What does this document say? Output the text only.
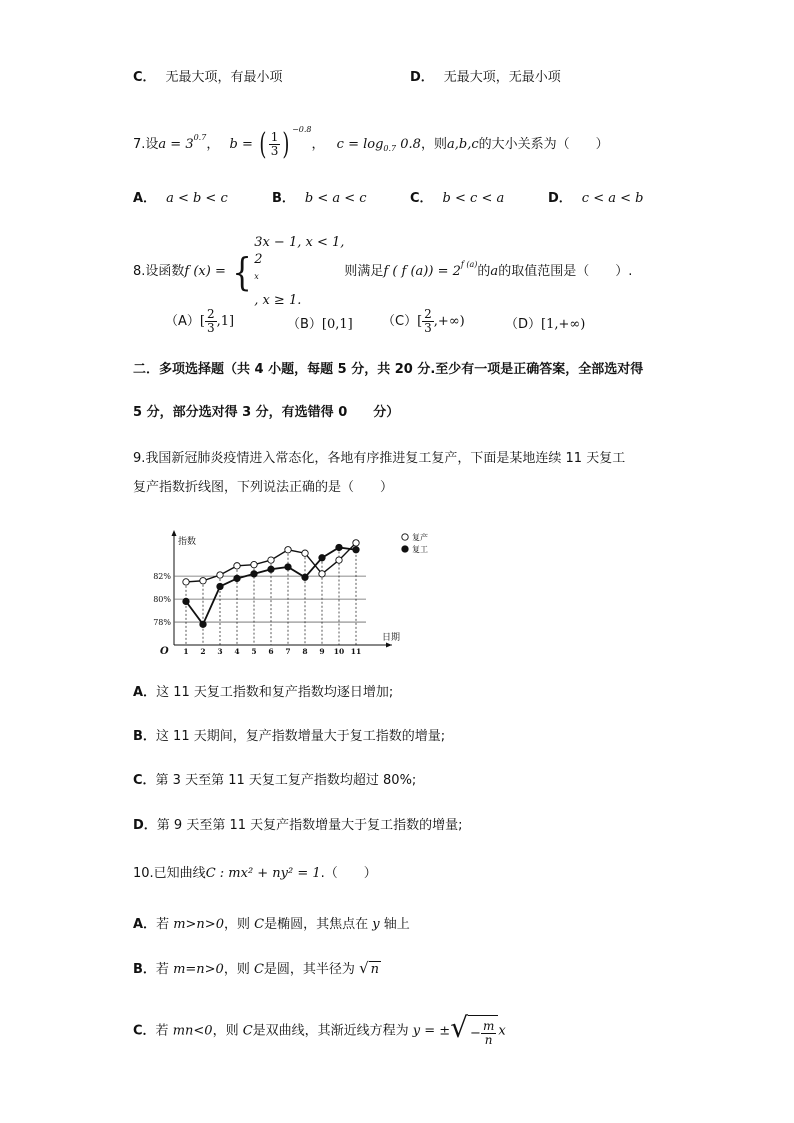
C． 无最大项，有最小项	D． 无最大项，无最小项
7.设$a = 3^{0.7}$， b = ( $\frac{1}{3}$ ) $^{-0.8}$， $c = \log_{0.7} 0.8$，则a,b,c的大小关系为（　　）
A． a < b < c	B． b < a < c	C． b < c < a	D． c < a < b
8.设函数f (x) = {
3x − 1, x < 1,
2
$^x$
, x ≥ 1.
则满足f ( f $(a)) = 2^{f (a)}$的a的取值范围是（　　）.
$(A)[ \frac{2}{3} ,1]$	（B）[0,1] $(C)[ \frac{2}{3}$ ,+∞)	（D）[1,+∞)
二．多项选择题（共 4 小题，每题 5 分，共 20 分.至少有一项是正确答案，全部选对得
5 分，部分选对得 3 分，有选错得 0　　分）
9.我国新冠肺炎疫情进入常态化，各地有序推进复工复产，下面是某地连续 11 天复工
复产指数折线图，下列说法正确的是（　　）
78%
80%
82%
指数
日期
O 1 2 3 4 5 6 7 8 9 10 11
复产
复工
A．这 11 天复工指数和复产指数均逐日增加;
B．这 11 天期间，复产指数增量大于复工指数的增量;
C．第 3 天至第 11 天复工复产指数均超过 80%;
D．第 9 天至第 11 天复产指数增量大于复工指数的增量;
10.已知曲线C : mx² + ny² = 1.（　　）
A．若 m>n>0，则 C是椭圆，其焦点在 y 轴上
B．若 m=n>0，则 C是圆，其半径为 √ n
C．若 mn<0，则 C是双曲线，其渐近线方程为 y = ±√ − $\frac{m}{n}$ x
